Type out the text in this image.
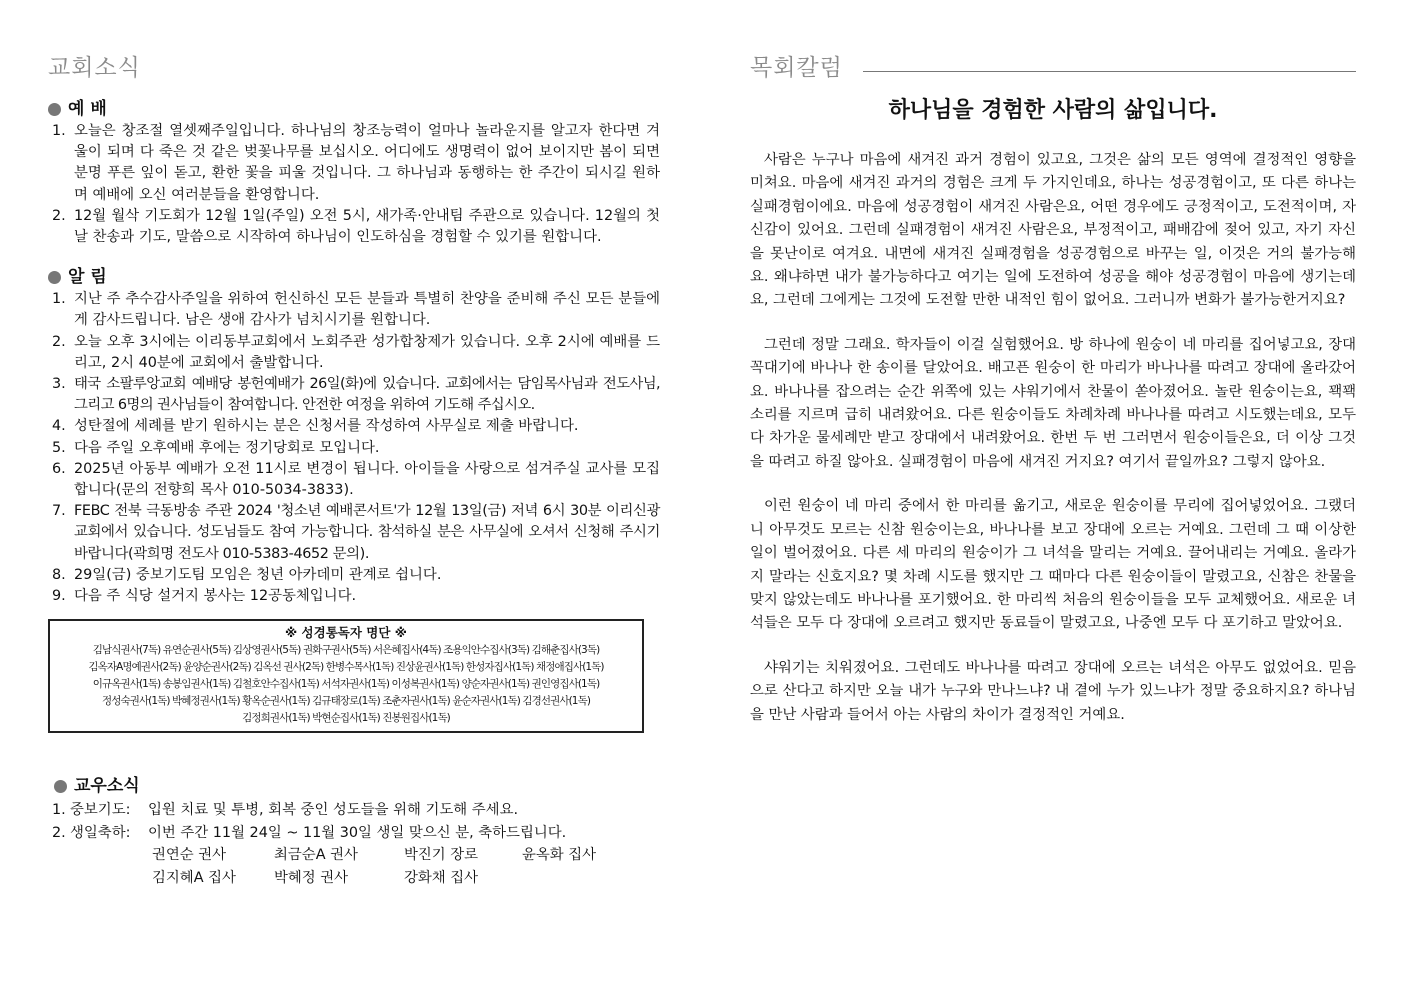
교회소식
예 배
1. 오늘은 창조절 열셋째주일입니다. 하나님의 창조능력이 얼마나 놀라운지를 알고자 한다면 겨울이 되며 다 죽은 것 같은 벚꽃나무를 보십시오. 어디에도 생명력이 없어 보이지만 봄이 되면 분명 푸른 잎이 돋고, 환한 꽃을 피울 것입니다. 그 하나님과 동행하는 한 주간이 되시길 원하며 예배에 오신 여러분들을 환영합니다.
2. 12월 월삭 기도회가 12월 1일(주일) 오전 5시, 새가족·안내팀 주관으로 있습니다. 12월의 첫날 찬송과 기도, 말씀으로 시작하여 하나님이 인도하심을 경험할 수 있기를 원합니다.
알 림
1. 지난 주 추수감사주일을 위하여 헌신하신 모든 분들과 특별히 찬양을 준비해 주신 모든 분들에게 감사드립니다. 남은 생애 감사가 넘치시기를 원합니다.
2. 오늘 오후 3시에는 이리동부교회에서 노회주관 성가합창제가 있습니다. 오후 2시에 예배를 드리고, 2시 40분에 교회에서 출발합니다.
3. 태국 소팔루앙교회 예배당 봉헌예배가 26일(화)에 있습니다. 교회에서는 담임목사님과 전도사님, 그리고 6명의 권사님들이 참여합니다. 안전한 여정을 위하여 기도해 주십시오.
4. 성탄절에 세례를 받기 원하시는 분은 신청서를 작성하여 사무실로 제출 바랍니다.
5. 다음 주일 오후예배 후에는 정기당회로 모입니다.
6. 2025년 아동부 예배가 오전 11시로 변경이 됩니다. 아이들을 사랑으로 섬겨주실 교사를 모집합니다(문의 전향희 목사 010-5034-3833).
7. FEBC 전북 극동방송 주관 2024 '청소년 예배콘서트'가 12월 13일(금) 저녁 6시 30분 이리신광교회에서 있습니다. 성도님들도 참여 가능합니다. 참석하실 분은 사무실에 오셔서 신청해 주시기 바랍니다(곽희명 전도사 010-5383-4652 문의).
8. 29일(금) 중보기도팀 모임은 청년 아카데미 관계로 쉽니다.
9. 다음 주 식당 설거지 봉사는 12공동체입니다.
※ 성경통독자 명단 ※
김남식권사(7독) 유연순권사(5독) 김상영권사(5독) 권화구권사(5독) 서은혜집사(4독) 조용익안수집사(3독) 김해춘집사(3독)
김옥자A명예권사(2독) 윤양순권사(2독) 김옥선 권사(2독) 한병수목사(1독) 진상윤권사(1독) 한성자집사(1독) 채정애집사(1독)
이규옥권사(1독) 송봉임권사(1독) 김철호안수집사(1독) 서석자권사(1독) 이성복권사(1독) 양순자권사(1독) 권인영집사(1독)
정성숙권사(1독) 박혜정권사(1독) 황옥순권사(1독) 김규태장로(1독) 조춘자권사(1독) 윤순자권사(1독) 김경선권사(1독)
김정희권사(1독) 박현순집사(1독) 진봉원집사(1독)
교우소식
1. 중보기도:	입원 치료 및 투병, 회복 중인 성도들을 위해 기도해 주세요.
2. 생일축하:	이번 주간 11월 24일 ~ 11월 30일 생일 맞으신 분, 축하드립니다.
권연순 권사	최금순A 권사	박진기 장로	윤옥화 집사
김지혜A 집사	박혜정 권사	강화채 집사
목회칼럼
하나님을 경험한 사람의 삶입니다.

사람은 누구나 마음에 새겨진 과거 경험이 있고요, 그것은 삶의 모든 영역에 결정적인 영향을 미쳐요. 마음에 새겨진 과거의 경험은 크게 두 가지인데요, 하나는 성공경험이고, 또 다른 하나는 실패경험이에요. 마음에 성공경험이 새겨진 사람은요, 어떤 경우에도 긍정적이고, 도전적이며, 자신감이 있어요. 그런데 실패경험이 새겨진 사람은요, 부정적이고, 패배감에 젖어 있고, 자기 자신을 못난이로 여겨요. 내면에 새겨진 실패경험을 성공경험으로 바꾸는 일, 이것은 거의 불가능해요. 왜냐하면 내가 불가능하다고 여기는 일에 도전하여 성공을 해야 성공경험이 마음에 생기는데요, 그런데 그에게는 그것에 도전할 만한 내적인 힘이 없어요. 그러니까 변화가 불가능한거지요?

그런데 정말 그래요. 학자들이 이걸 실험했어요. 방 하나에 원숭이 네 마리를 집어넣고요, 장대 꼭대기에 바나나 한 송이를 달았어요. 배고픈 원숭이 한 마리가 바나나를 따려고 장대에 올라갔어요. 바나나를 잡으려는 순간 위쪽에 있는 샤워기에서 찬물이 쏟아졌어요. 놀란 원숭이는요, 꽥꽥 소리를 지르며 급히 내려왔어요. 다른 원숭이들도 차례차례 바나나를 따려고 시도했는데요, 모두 다 차가운 물세례만 받고 장대에서 내려왔어요. 한번 두 번 그러면서 원숭이들은요, 더 이상 그것을 따려고 하질 않아요. 실패경험이 마음에 새겨진 거지요? 여기서 끝일까요? 그렇지 않아요.

이런 원숭이 네 마리 중에서 한 마리를 옮기고, 새로운 원숭이를 무리에 집어넣었어요. 그랬더니 아무것도 모르는 신참 원숭이는요, 바나나를 보고 장대에 오르는 거예요. 그런데 그 때 이상한 일이 벌어졌어요. 다른 세 마리의 원숭이가 그 녀석을 말리는 거예요. 끌어내리는 거예요. 올라가지 말라는 신호지요? 몇 차례 시도를 했지만 그 때마다 다른 원숭이들이 말렸고요, 신참은 찬물을 맞지 않았는데도 바나나를 포기했어요. 한 마리씩 처음의 원숭이들을 모두 교체했어요. 새로운 녀석들은 모두 다 장대에 오르려고 했지만 동료들이 말렸고요, 나중엔 모두 다 포기하고 말았어요.

샤워기는 치워졌어요. 그런데도 바나나를 따려고 장대에 오르는 녀석은 아무도 없었어요. 믿음으로 산다고 하지만 오늘 내가 누구와 만나느냐? 내 곁에 누가 있느냐가 정말 중요하지요? 하나님을 만난 사람과 들어서 아는 사람의 차이가 결정적인 거예요.
